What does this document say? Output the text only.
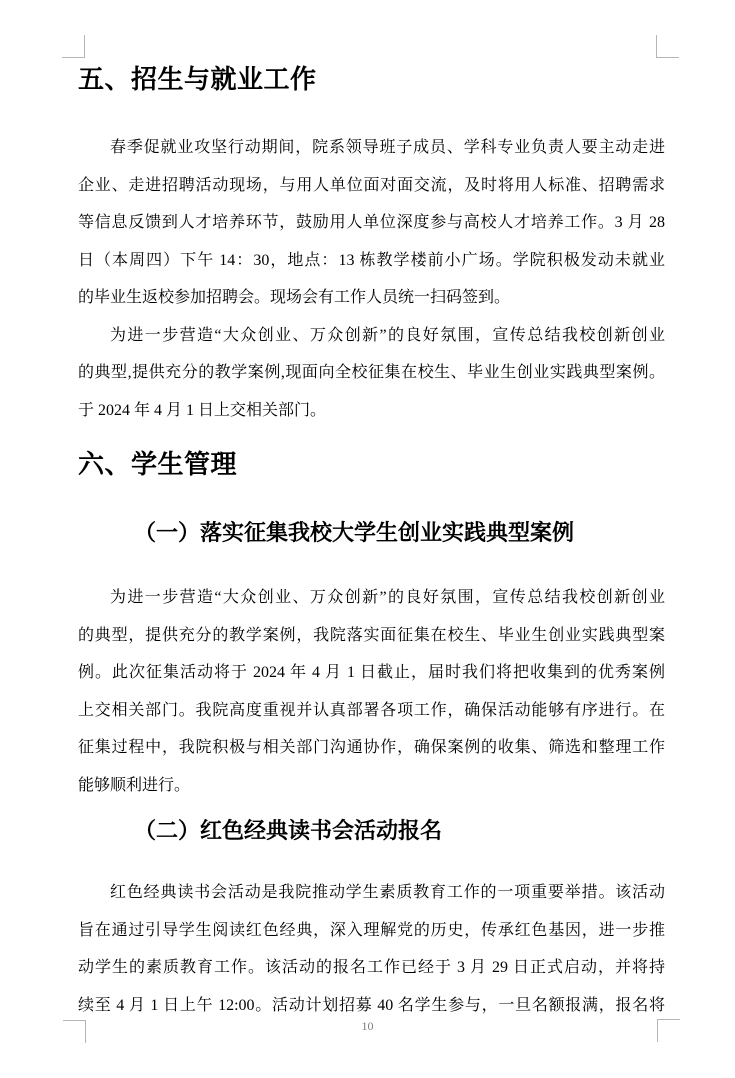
五、招生与就业工作
春季促就业攻坚行动期间，院系领导班子成员、学科专业负责人要主动走进
企业、走进招聘活动现场，与用人单位面对面交流，及时将用人标准、招聘需求
等信息反馈到人才培养环节，鼓励用人单位深度参与高校人才培养工作。3 月 28
日（本周四）下午 14：30，地点：13 栋教学楼前小广场。学院积极发动未就业
的毕业生返校参加招聘会。现场会有工作人员统一扫码签到。
为进一步营造“大众创业、万众创新”的良好氛围，宣传总结我校创新创业
的典型,提供充分的教学案例,现面向全校征集在校生、毕业生创业实践典型案例。
于 2024 年 4 月 1 日上交相关部门。
六、学生管理
（一）落实征集我校大学生创业实践典型案例
为进一步营造“大众创业、万众创新”的良好氛围，宣传总结我校创新创业
的典型，提供充分的教学案例，我院落实面征集在校生、毕业生创业实践典型案
例。此次征集活动将于 2024 年 4 月 1 日截止，届时我们将把收集到的优秀案例
上交相关部门。我院高度重视并认真部署各项工作，确保活动能够有序进行。在
征集过程中，我院积极与相关部门沟通协作，确保案例的收集、筛选和整理工作
能够顺利进行。
（二）红色经典读书会活动报名
红色经典读书会活动是我院推动学生素质教育工作的一项重要举措。该活动
旨在通过引导学生阅读红色经典，深入理解党的历史，传承红色基因，进一步推
动学生的素质教育工作。该活动的报名工作已经于 3 月 29 日正式启动，并将持
续至 4 月 1 日上午 12:00。活动计划招募 40 名学生参与，一旦名额报满，报名将
10
